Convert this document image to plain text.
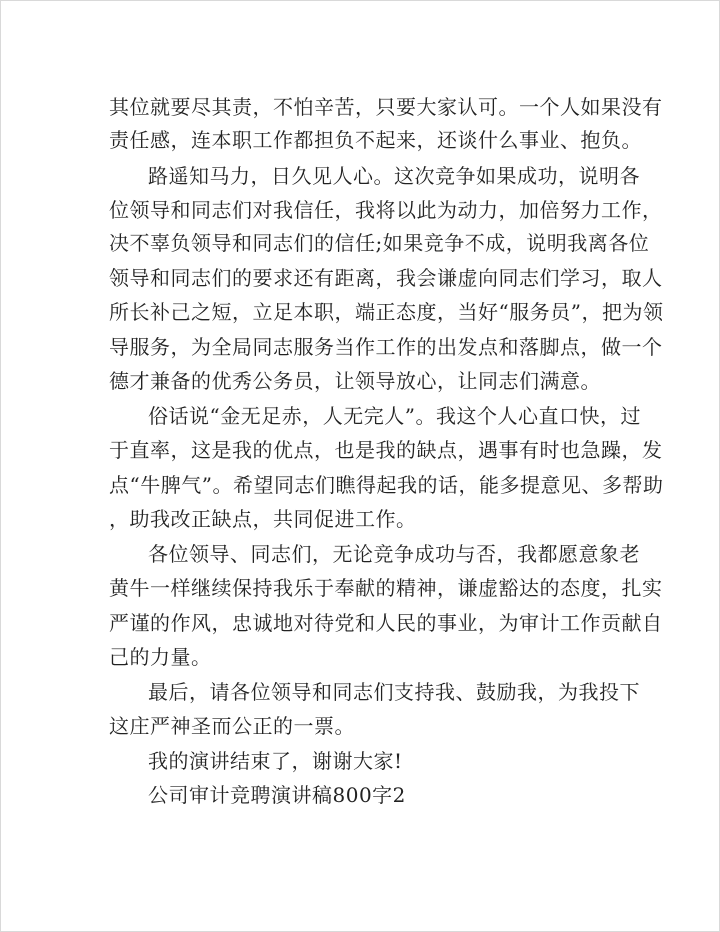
其位就要尽其责，不怕辛苦，只要大家认可。一个人如果没有

责任感，连本职工作都担负不起来，还谈什么事业、抱负。

路遥知马力，日久见人心。这次竞争如果成功，说明各

位领导和同志们对我信任，我将以此为动力，加倍努力工作，

决不辜负领导和同志们的信任;如果竞争不成，说明我离各位

领导和同志们的要求还有距离，我会谦虚向同志们学习，取人

所长补己之短，立足本职，端正态度，当好“服务员”，把为领

导服务，为全局同志服务当作工作的出发点和落脚点，做一个

德才兼备的优秀公务员，让领导放心，让同志们满意。

俗话说“金无足赤，人无完人”。我这个人心直口快，过

于直率，这是我的优点，也是我的缺点，遇事有时也急躁，发

点“牛脾气”。希望同志们瞧得起我的话，能多提意见、多帮助

，助我改正缺点，共同促进工作。

各位领导、同志们，无论竞争成功与否，我都愿意象老

黄牛一样继续保持我乐于奉献的精神，谦虚豁达的态度，扎实

严谨的作风，忠诚地对待党和人民的事业，为审计工作贡献自

己的力量。

最后，请各位领导和同志们支持我、鼓励我，为我投下

这庄严神圣而公正的一票。

我的演讲结束了，谢谢大家!

公司审计竞聘演讲稿800字2
